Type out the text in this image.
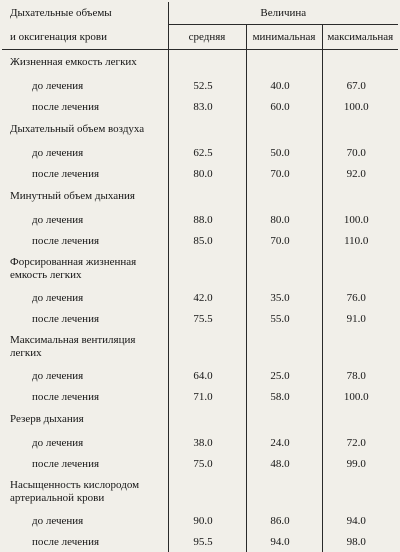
Дыхательные объемы	Величина		
и оксигенация крови	средняя	минимальная	максимальная
Жизненная емкость легких			
до лечения	52.5	40.0	67.0
после лечения	83.0	60.0	100.0
Дыхательный объем воздуха			
до лечения	62.5	50.0	70.0
после лечения	80.0	70.0	92.0
Минутный объем дыхания			
до лечения	88.0	80.0	100.0
после лечения	85.0	70.0	110.0
Форсированная жизненная емкость легких			
до лечения	42.0	35.0	76.0
после лечения	75.5	55.0	91.0
Максимальная вентиляция легких			
до лечения	64.0	25.0	78.0
после лечения	71.0	58.0	100.0
Резерв дыхания			
до лечения	38.0	24.0	72.0
после лечения	75.0	48.0	99.0
Насыщенность кислородом артериальной крови			
до лечения	90.0	86.0	94.0
после лечения	95.5	94.0	98.0
